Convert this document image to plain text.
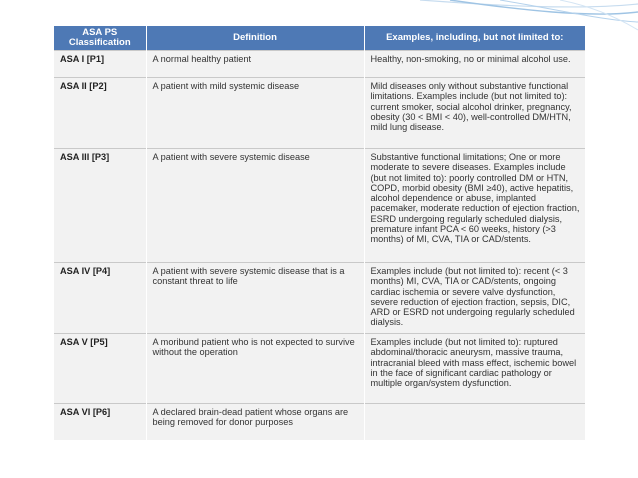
ASA PS Classification	Definition	Examples, including, but not limited to:
ASA I [P1]	A normal healthy patient	Healthy, non-smoking, no or minimal alcohol use.
ASA II [P2]	A patient with mild systemic disease	Mild diseases only without substantive functional limitations. Examples include (but not limited to): current smoker, social alcohol drinker, pregnancy, obesity (30 < BMI < 40), well-controlled DM/HTN, mild lung disease.
ASA III [P3]	A patient with severe systemic disease	Substantive functional limitations; One or more moderate to severe diseases. Examples include (but not limited to): poorly controlled DM or HTN, COPD, morbid obesity (BMI ≥40), active hepatitis, alcohol dependence or abuse, implanted pacemaker, moderate reduction of ejection fraction, ESRD undergoing regularly scheduled dialysis, premature infant PCA < 60 weeks, history (>3 months) of MI, CVA, TIA or CAD/stents.
ASA IV [P4]	A patient with severe systemic disease that is a constant threat to life	Examples include (but not limited to): recent (< 3 months) MI, CVA, TIA or CAD/stents, ongoing cardiac ischemia or severe valve dysfunction, severe reduction of ejection fraction, sepsis, DIC, ARD or ESRD not undergoing regularly scheduled dialysis.
ASA V [P5]	A moribund patient who is not expected to survive without the operation	Examples include (but not limited to): ruptured abdominal/thoracic aneurysm, massive trauma, intracranial bleed with mass effect, ischemic bowel in the face of significant cardiac pathology or multiple organ/system dysfunction.
ASA VI [P6]	A declared brain-dead patient whose organs are being removed for donor purposes	
